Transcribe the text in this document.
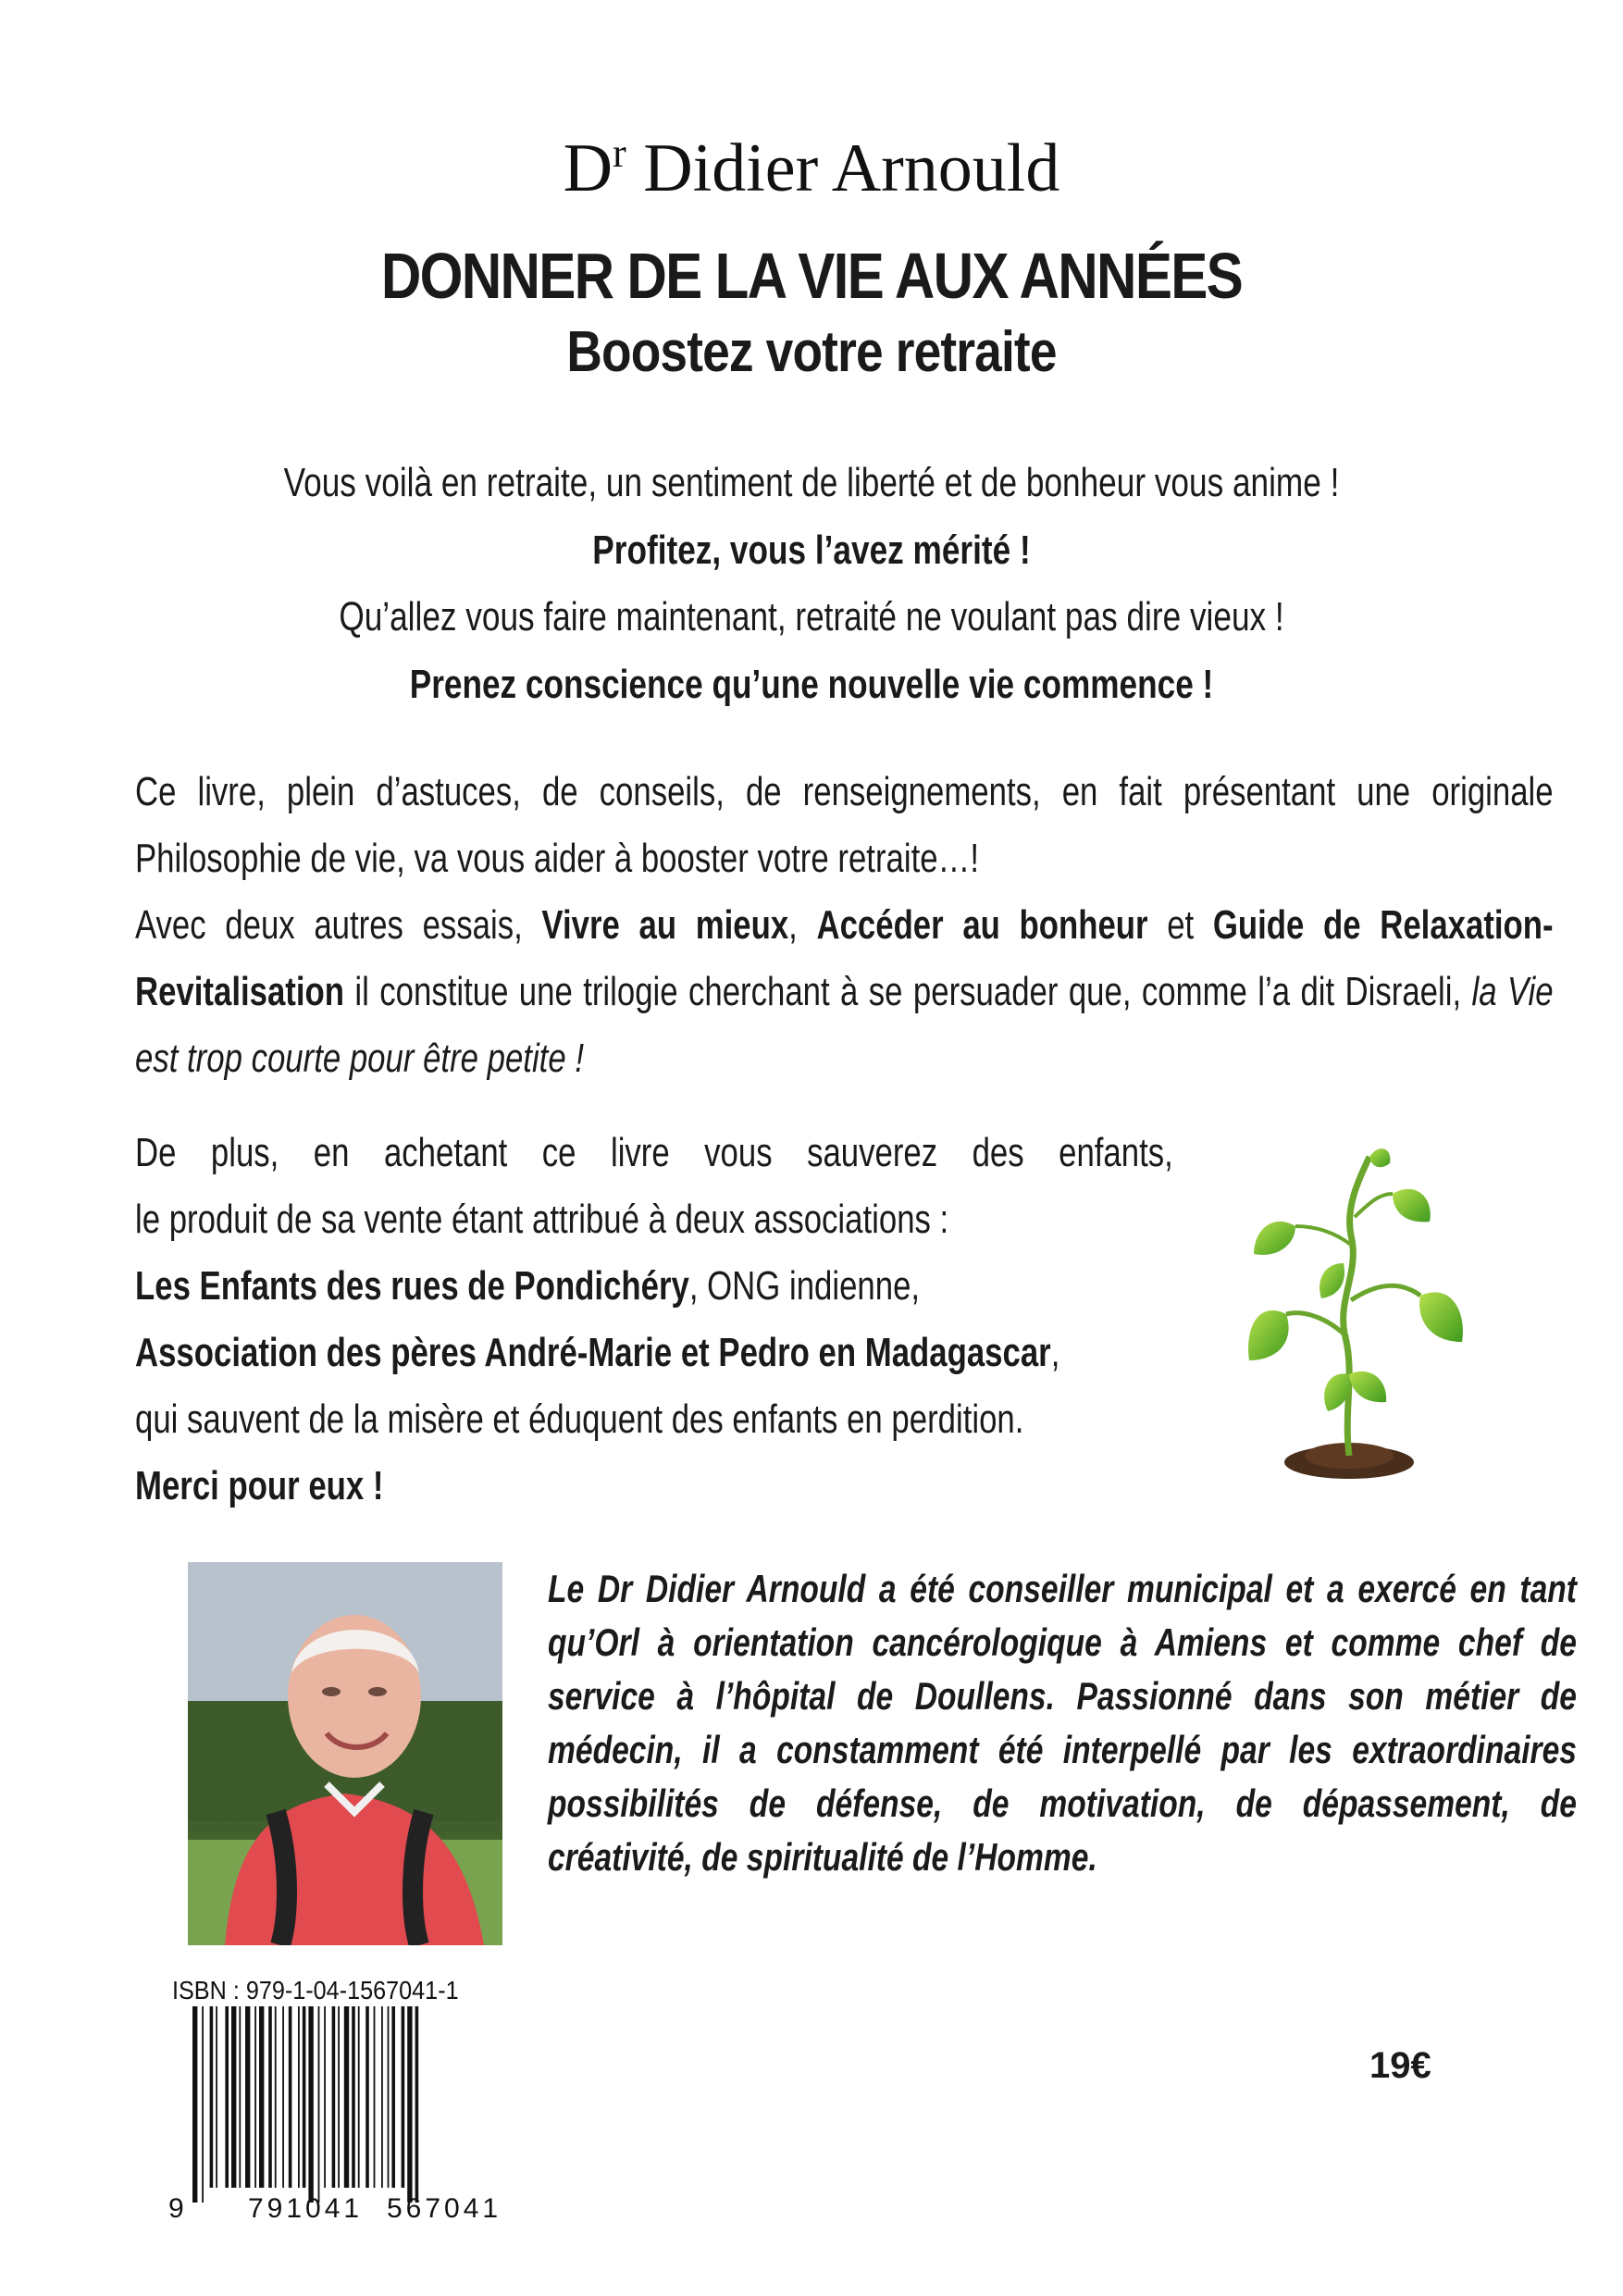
$D^r$ Didier Arnould
DONNER DE LA VIE AUX ANNÉES
Boostez votre retraite
Vous voilà en retraite, un sentiment de liberté et de bonheur vous anime !
Profitez, vous l’avez mérité !
Qu’allez vous faire maintenant, retraité ne voulant pas dire vieux !
Prenez conscience qu’une nouvelle vie commence !
Ce livre, plein d’astuces, de conseils, de renseignements, en fait présentant une originale Philosophie de vie, va vous aider à booster votre retraite…!
Avec deux autres essais, Vivre au mieux, Accéder au bonheur et Guide de Relaxation-Revitalisation il constitue une trilogie cherchant à se persuader que, comme l’a dit Disraeli, la Vie est trop courte pour être petite !
De plus, en achetant ce livre vous sauverez des enfants,
le produit de sa vente étant attribué à deux associations :
Les Enfants des rues de Pondichéry, ONG indienne,
Association des pères André-Marie et Pedro en Madagascar,
qui sauvent de la misère et éduquent des enfants en perdition.
Merci pour eux !
Le Dr Didier Arnould a été conseiller municipal et a exercé en tant qu’Orl à orientation cancérologique à Amiens et comme chef de service à l’hôpital de Doullens. Passionné dans son métier de médecin, il a constamment été interpellé par les extraordinaires possibilités de défense, de motivation, de dépassement, de créativité, de spiritualité de l’Homme.
ISBN : 979-1-04-1567041-1
9 791041 567041
19€
